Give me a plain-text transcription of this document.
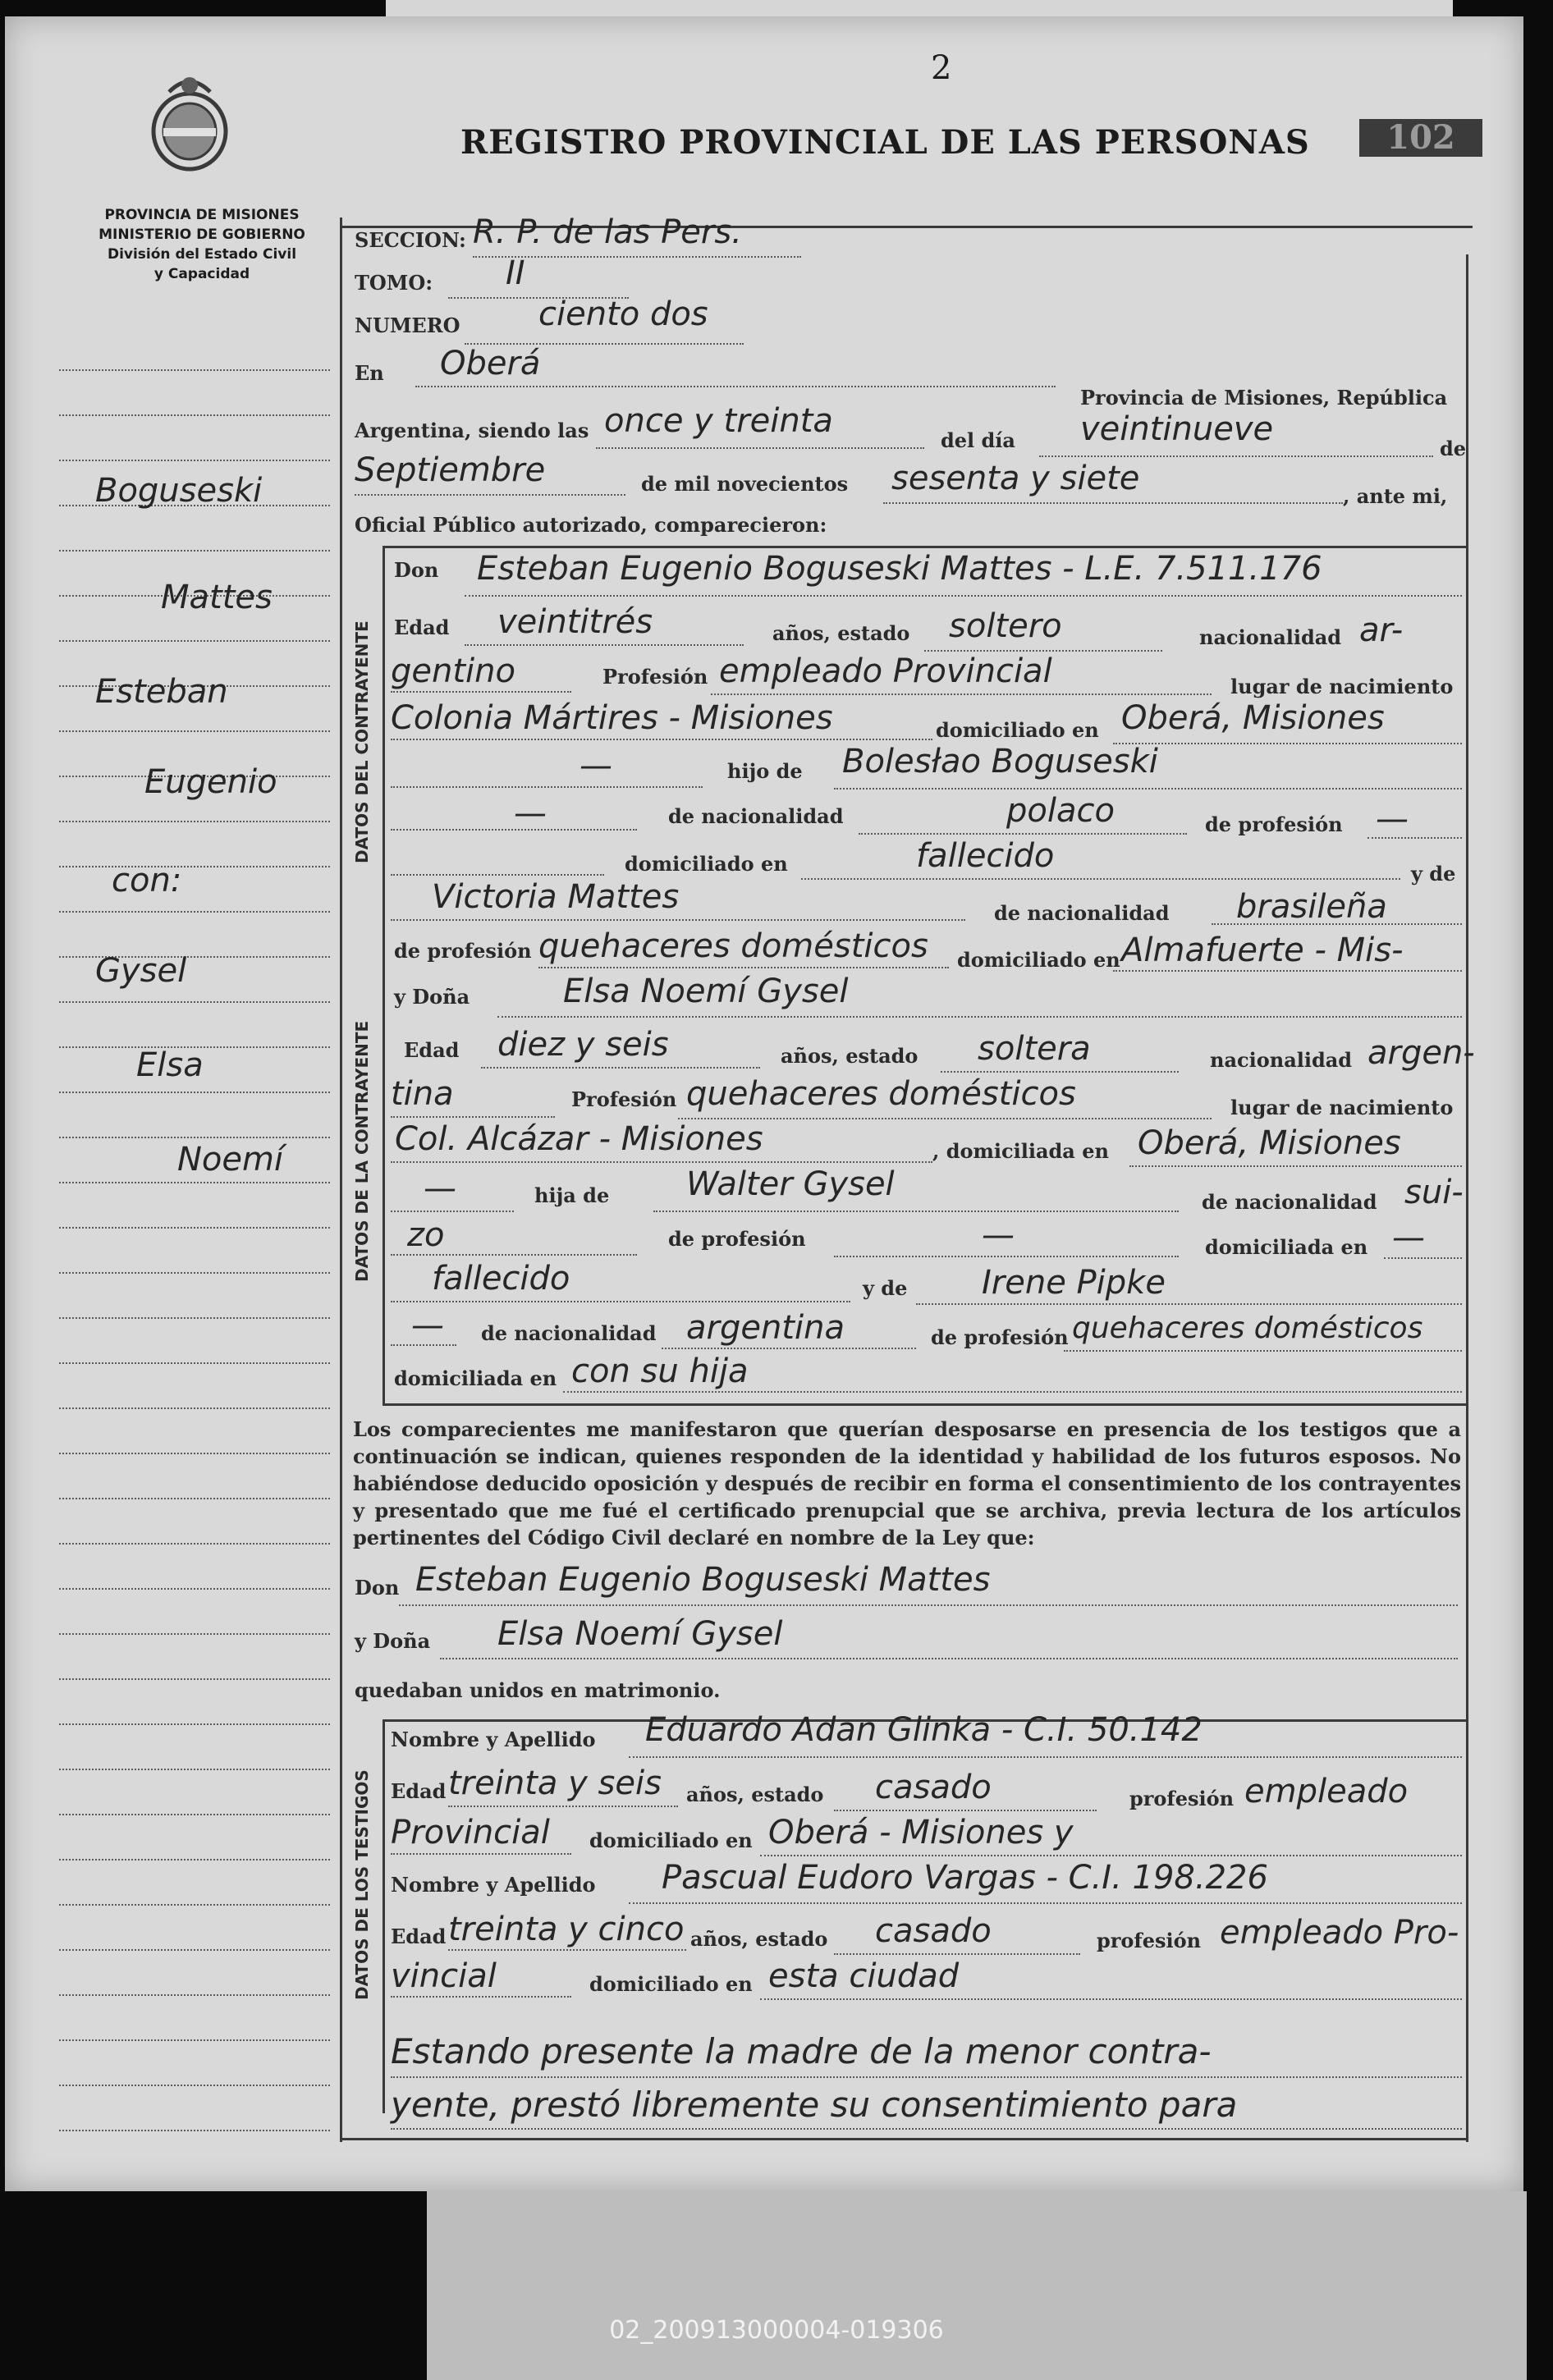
PROVINCIA DE MISIONES
MINISTERIO DE GOBIERNO
División del Estado Civil
y Capacidad
2
REGISTRO PROVINCIAL DE LAS PERSONAS	102
Boguseski
Mattes
Esteban
Eugenio
con:
Gysel
Elsa
Noemí
DATOS DEL CONTRAYENTE
DATOS DE LA CONTRAYENTE
DATOS DE LOS TESTIGOS
SECCION: R. P. de las Pers.
TOMO: II
NUMERO ciento dos
En Oberá
Provincia de Misiones, República
Argentina, siendo las once y treinta
del día veintinueve
de
Septiembre	de mil novecientos sesenta y siete	, ante mi,
Oficial Público autorizado, comparecieron:
Don Esteban Eugenio Boguseski Mattes - L.E. 7.511.176
Edad veintitrés	años, estado soltero	nacionalidad ar-
gentino	Profesión empleado Provincial	lugar de nacimiento
Colonia Mártires - Misiones	domiciliado en Oberá, Misiones
—	hijo de Bolesłao Boguseski
—	de nacionalidad	polaco	de profesión —
domiciliado en	fallecido	y de
Victoria Mattes	de nacionalidad brasileña
de profesión quehaceres domésticos domiciliado en Almafuerte - Mis-
y Doña	Elsa Noemí Gysel
Edad diez y seis	años, estado soltera	nacionalidad argen-
tina	Profesión quehaceres domésticos	lugar de nacimiento
Col. Alcázar - Misiones	, domiciliada en Oberá, Misiones
—	hija de Walter Gysel	de nacionalidad sui-
zo	de profesión	—	domiciliada en —
fallecido	y de Irene Pipke
— de nacionalidad argentina	de profesión quehaceres domésticos
domiciliada en con su hija
Los comparecientes me manifestaron que querían desposarse en presencia de los testigos que a continuación se indican, quienes responden de la identidad y habilidad de los futuros esposos. No habiéndose deducido oposición y después de recibir en forma el consentimiento de los contrayentes y presentado que me fué el certificado prenupcial que se archiva, previa lectura de los artículos pertinentes del Código Civil declaré en nombre de la Ley que:
Don Esteban Eugenio Boguseski Mattes
y Doña Elsa Noemí Gysel
quedaban unidos en matrimonio.
Nombre y Apellido Eduardo Adan Glinka - C.I. 50.142
Edad treinta y seis años, estado casado	profesión empleado
Provincial domiciliado en Oberá - Misiones y
Nombre y Apellido Pascual Eudoro Vargas - C.I. 198.226
Edad treinta y cinco años, estado casado	profesión empleado Pro-
vincial	domiciliado en esta ciudad
Estando presente la madre de la menor contra-
yente, prestó libremente su consentimiento para
02_200913000004-019306
